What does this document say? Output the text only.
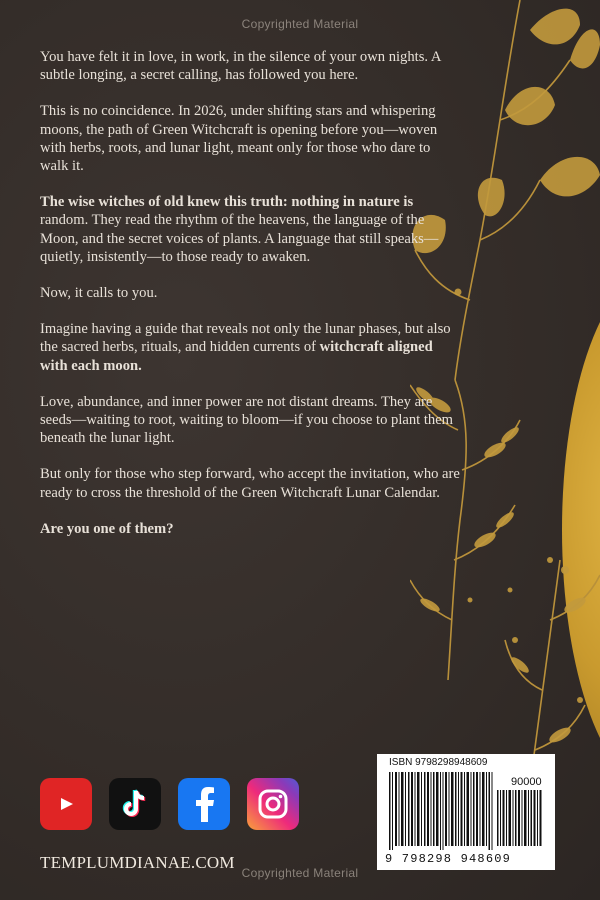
Copyrighted Material

You have felt it in love, in work, in the silence of your own nights. A subtle longing, a secret calling, has followed you here.

This is no coincidence. In 2026, under shifting stars and whispering moons, the path of Green Witchcraft is opening before you—woven with herbs, roots, and lunar light, meant only for those who dare to walk it.

The wise witches of old knew this truth: nothing in nature is random. They read the rhythm of the heavens, the language of the Moon, and the secret voices of plants. A language that still speaks—quietly, insistently—to those ready to awaken.

Now, it calls to you.

Imagine having a guide that reveals not only the lunar phases, but also the sacred herbs, rituals, and hidden currents of witchcraft aligned with each moon.

Love, abundance, and inner power are not distant dreams. They are seeds—waiting to root, waiting to bloom—if you choose to plant them beneath the lunar light.

But only for those who step forward, who accept the invitation, who are ready to cross the threshold of the Green Witchcraft Lunar Calendar.

Are you one of them?

TEMPLUMDIANAE.COM
ISBN 9798298948609
90000
9 798298 948609
Copyrighted Material
